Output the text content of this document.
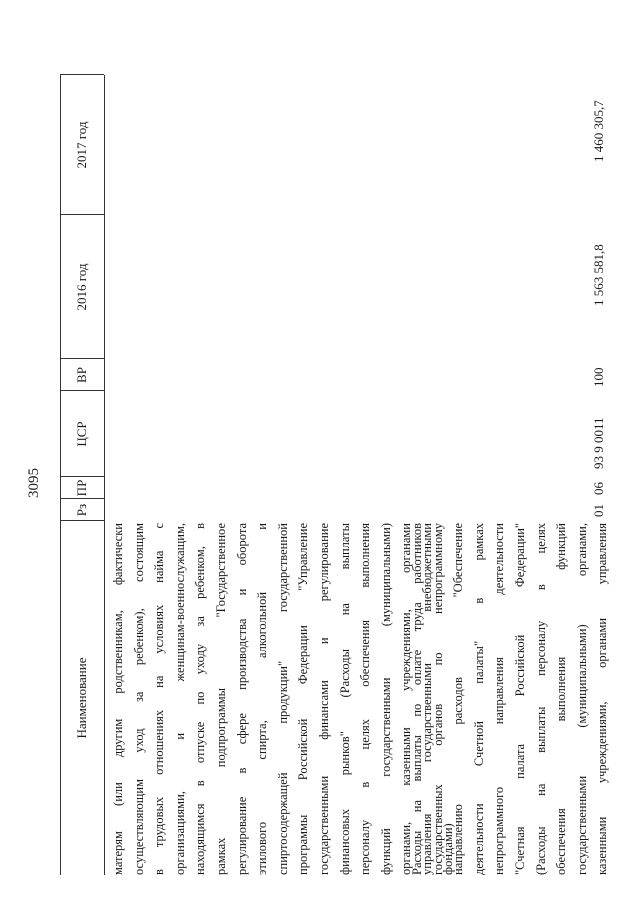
3095
Наименование
Рз
ПР
ЦСР
ВР
2016 год
2017 год
матерям (или другим родственникам, фактически осуществляющим уход за ребенком), состоящим в трудовых отношениях на условиях найма с организациями, и женщинам-военнослужащим, находящимся в отпуске по уходу за ребенком, в рамках подпрограммы "Государственное регулирование в сфере производства и оборота этилового спирта, алкогольной и спиртосодержащей продукции" государственной программы Российской Федерации "Управление государственными финансами и регулирование финансовых рынков" (Расходы на выплаты персоналу в целях обеспечения выполнения функций государственными (муниципальными) органами, казенными учреждениями, органами управления государственными внебюджетными фондами)
Расходы на выплаты по оплате труда работников государственных органов по непрограммному направлению расходов "Обеспечение деятельности Счетной палаты" в рамках непрограммного направления деятельности "Счетная палата Российской Федерации" (Расходы на выплаты персоналу в целях обеспечения выполнения функций государственными (муниципальными) органами, казенными учреждениями, органами управления
01
06
93 9 0011
100
1 563 581,8
1 460 305,7
